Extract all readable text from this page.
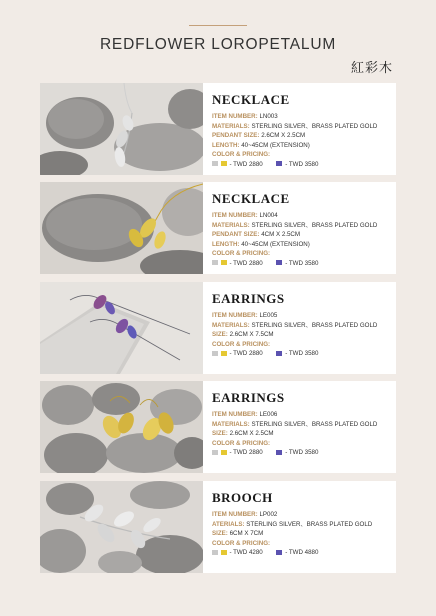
REDFLOWER LOROPETALUM
紅彩木
NECKLACE
ITEM NUMBER: LN003
MATERIALS: STERLING SILVER、BRASS PLATED GOLD
PENDANT SIZE: 2.6CM X 2.5CM
LENGTH: 40~45CM (EXTENSION)
COLOR & PRICING:
- TWD 2880	- TWD 3580
NECKLACE
ITEM NUMBER: LN004
MATERIALS: STERLING SILVER、BRASS PLATED GOLD
PENDANT SIZE: 4CM X 2.5CM
LENGTH: 40~45CM (EXTENSION)
COLOR & PRICING:
- TWD 2880	- TWD 3580
EARRINGS
ITEM NUMBER: LE005
MATERIALS: STERLING SILVER、BRASS PLATED GOLD
SIZE: 2.6CM X 7.5CM
COLOR & PRICING:
- TWD 2880	- TWD 3580
EARRINGS
ITEM NUMBER: LE006
MATERIALS: STERLING SILVER、BRASS PLATED GOLD
SIZE: 2.6CM X 2.5CM
COLOR & PRICING:
- TWD 2880	- TWD 3580
BROOCH
ITEM NUMBER: LP002
ATERIALS: STERLING SILVER、BRASS PLATED GOLD
SIZE: 6CM X 7CM
COLOR & PRICING:
- TWD 4280	- TWD 4880
